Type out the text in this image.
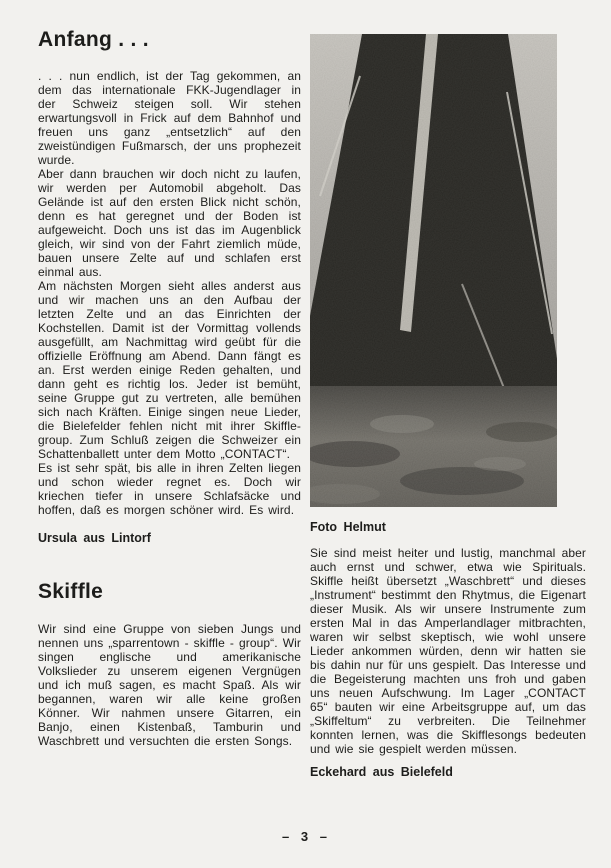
Anfang . . .

. . . nun endlich, ist der Tag gekommen, an dem das internationale FKK-Jugendlager in der Schweiz steigen soll. Wir stehen erwartungsvoll in Frick auf dem Bahnhof und freuen uns ganz „entsetzlich“ auf den zweistündigen Fußmarsch, der uns prophezeit wurde.

Aber dann brauchen wir doch nicht zu laufen, wir werden per Automobil abgeholt. Das Gelände ist auf den ersten Blick nicht schön, denn es hat geregnet und der Boden ist aufgeweicht. Doch uns ist das im Augenblick gleich, wir sind von der Fahrt ziemlich müde, bauen unsere Zelte auf und schlafen erst einmal aus.

Am nächsten Morgen sieht alles anderst aus und wir machen uns an den Aufbau der letzten Zelte und an das Einrichten der Kochstellen. Damit ist der Vormittag vollends ausgefüllt, am Nachmittag wird geübt für die offizielle Eröffnung am Abend. Dann fängt es an. Erst werden einige Reden gehalten, und dann geht es richtig los. Jeder ist bemüht, seine Gruppe gut zu vertreten, alle bemühen sich nach Kräften. Einige singen neue Lieder, die Bielefelder fehlen nicht mit ihrer Skiffle-group. Zum Schluß zeigen die Schweizer ein Schattenballett unter dem Motto „CONTACT“.

Es ist sehr spät, bis alle in ihren Zelten liegen und schon wieder regnet es. Doch wir kriechen tiefer in unsere Schlafsäcke und hoffen, daß es morgen schöner wird. Es wird.

Ursula aus Lintorf

Skiffle

Wir sind eine Gruppe von sieben Jungs und nennen uns „sparrentown - skiffle - group“. Wir singen englische und amerikanische Volkslieder zu unserem eigenen Vergnügen und ich muß sagen, es macht Spaß. Als wir begannen, waren wir alle keine großen Könner. Wir nahmen unsere Gitarren, ein Banjo, einen Kistenbaß, Tamburin und Waschbrett und versuchten die ersten Songs.

Foto Helmut

Sie sind meist heiter und lustig, manchmal aber auch ernst und schwer, etwa wie Spirituals. Skiffle heißt übersetzt „Waschbrett“ und dieses „Instrument“ bestimmt den Rhytmus, die Eigenart dieser Musik. Als wir unsere Instrumente zum ersten Mal in das Amperlandlager mitbrachten, waren wir selbst skeptisch, wie wohl unsere Lieder ankommen würden, denn wir hatten sie bis dahin nur für uns gespielt. Das Interesse und die Begeisterung machten uns froh und gaben uns neuen Aufschwung. Im Lager „CONTACT 65“ bauten wir eine Arbeitsgruppe auf, um das „Skiffeltum“ zu verbreiten. Die Teilnehmer konnten lernen, was die Skifflesongs bedeuten und wie sie gespielt werden müssen.

Eckehard aus Bielefeld

– 3 –
